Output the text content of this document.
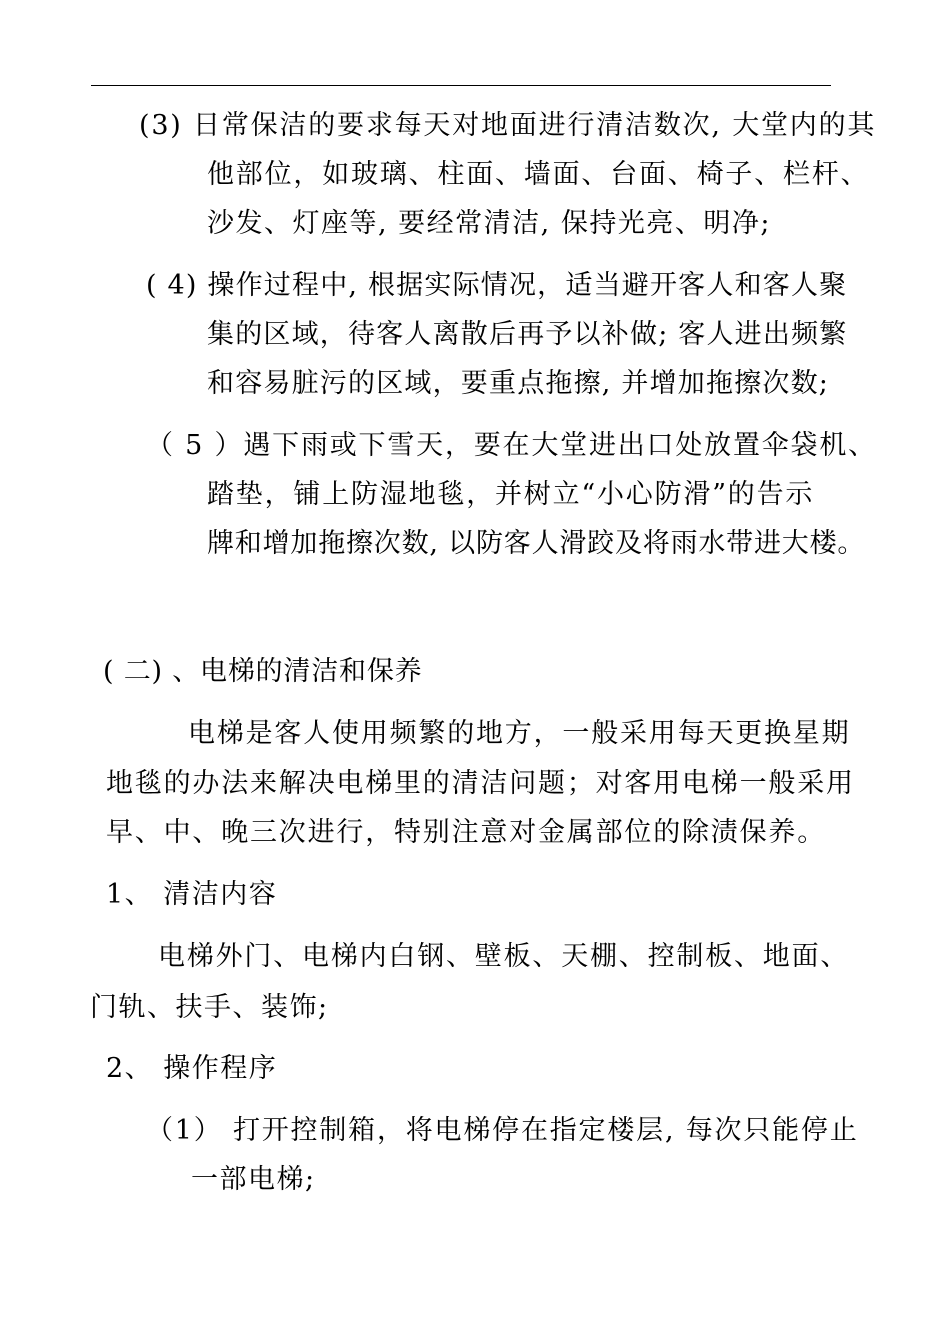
(3) 日常保洁的要求每天对地面进行清洁数次, 大堂内的其
他部位，如玻璃、柱面、墙面、台面、椅子、栏杆、
沙发、灯座等, 要经常清洁, 保持光亮、明净;
( 4) 操作过程中, 根据实际情况，适当避开客人和客人聚
集的区域，待客人离散后再予以补做; 客人进出频繁
和容易脏污的区域，要重点拖擦, 并增加拖擦次数;
（ 5 ）遇下雨或下雪天，要在大堂进出口处放置伞袋机、
踏垫，铺上防湿地毯，并树立“小心防滑”的告示
牌和增加拖擦次数, 以防客人滑跤及将雨水带进大楼。
( 二) 、电梯的清洁和保养
电梯是客人使用频繁的地方，一般采用每天更换星期
地毯的办法来解决电梯里的清洁问题；对客用电梯一般采用
早、中、晚三次进行，特别注意对金属部位的除渍保养。
1、 清洁内容
电梯外门、电梯内白钢、壁板、天棚、控制板、地面、
门轨、扶手、装饰;
2、 操作程序
（1） 打开控制箱，将电梯停在指定楼层, 每次只能停止
一部电梯;
